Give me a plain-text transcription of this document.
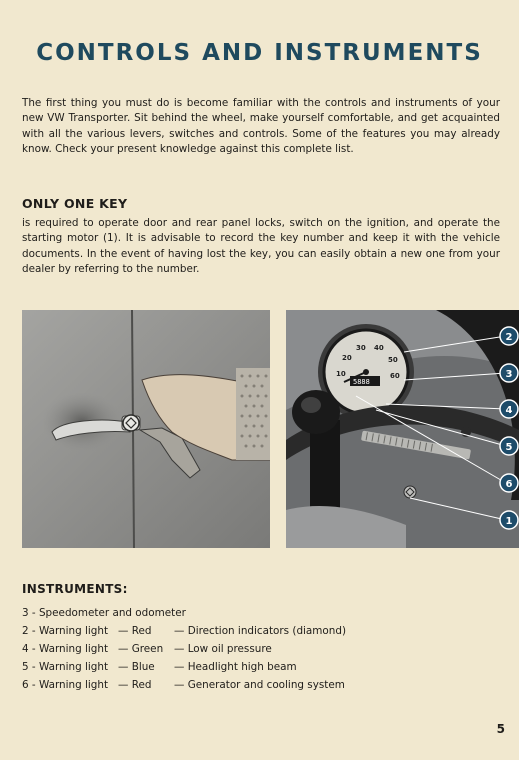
CONTROLS AND INSTRUMENTS

The first thing you must do is become familiar with the controls and instruments of your new VW Transporter. Sit behind the wheel, make yourself comfortable, and get acquainted with all the various levers, switches and controls. Some of the features you may already know. Check your present knowledge against this complete list.

ONLY ONE KEY

is required to operate door and rear panel locks, switch on the ignition, and operate the starting motor (1). It is advisable to record the key number and keep it with the vehicle documents. In the event of having lost the key, you can easily obtain a new one from your dealer by referring to the number.

20
30 40
50
60
10
5888
2
3
4
5
6
1
INSTRUMENTS:
3 - Speedometer and odometer
2 - Warning light — Red	— Direction indicators (diamond)
4 - Warning light — Green	— Low oil pressure
5 - Warning light — Blue	— Headlight high beam
6 - Warning light — Red	— Generator and cooling system
5
